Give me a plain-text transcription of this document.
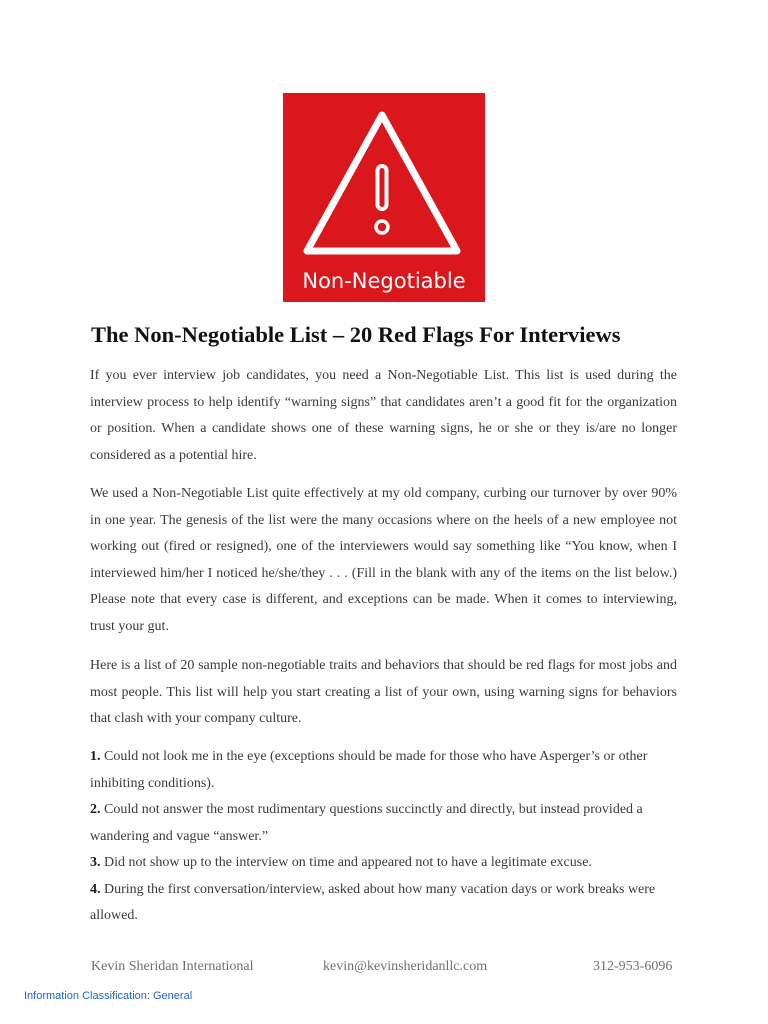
Non-Negotiable
The Non-Negotiable List – 20 Red Flags For Interviews

If you ever interview job candidates, you need a Non-Negotiable List. This list is used during the interview process to help identify “warning signs” that candidates aren’t a good fit for the organization or position. When a candidate shows one of these warning signs, he or she or they is/are no longer considered as a potential hire.

We used a Non-Negotiable List quite effectively at my old company, curbing our turnover by over 90% in one year. The genesis of the list were the many occasions where on the heels of a new employee not working out (fired or resigned), one of the interviewers would say something like “You know, when I interviewed him/her I noticed he/she/they . . . (Fill in the blank with any of the items on the list below.) Please note that every case is different, and exceptions can be made. When it comes to interviewing, trust your gut.

Here is a list of 20 sample non-negotiable traits and behaviors that should be red flags for most jobs and most people. This list will help you start creating a list of your own, using warning signs for behaviors that clash with your company culture.

1. Could not look me in the eye (exceptions should be made for those who have Asperger’s or other inhibiting conditions).
2. Could not answer the most rudimentary questions succinctly and directly, but instead provided a wandering and vague “answer.”
3. Did not show up to the interview on time and appeared not to have a legitimate excuse.
4. During the first conversation/interview, asked about how many vacation days or work breaks were allowed.
Kevin Sheridan International	kevin@kevinsheridanllc.com	312-953-6096
Information Classification: General
